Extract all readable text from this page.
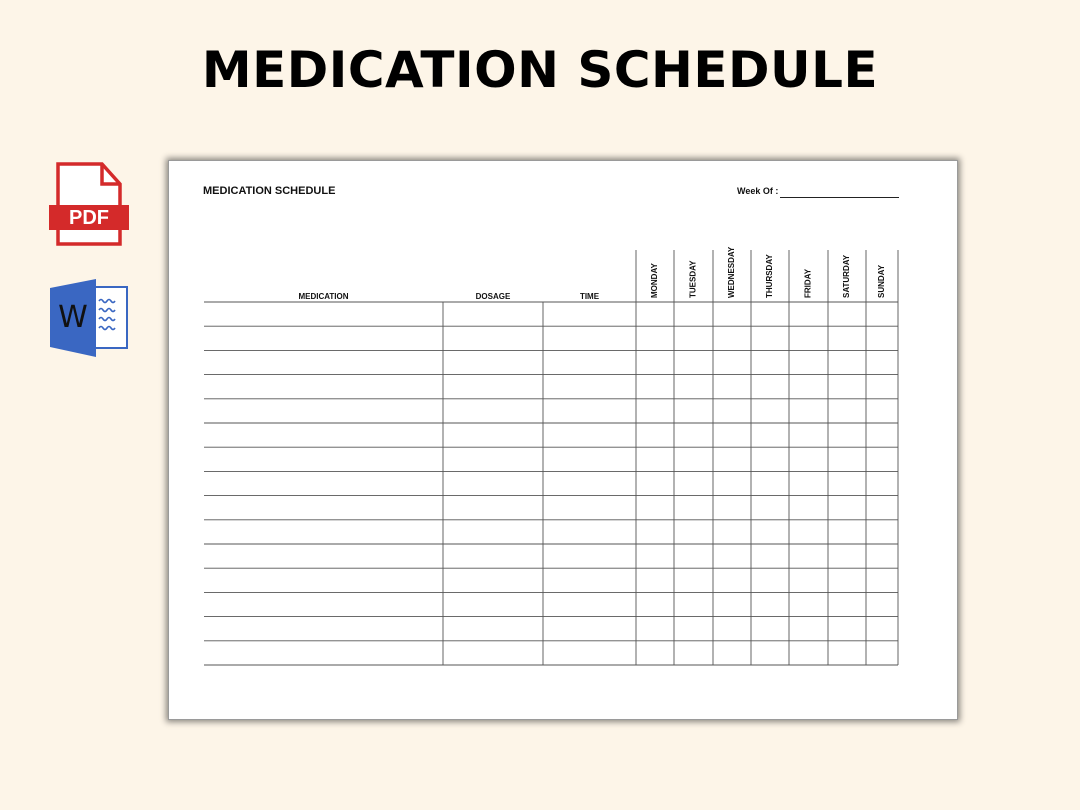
MEDICATION SCHEDULE
PDF
W
MEDICATION SCHEDULE	Week Of :
MEDICATION	DOSAGE	TIME	MONDAY	TUESDAY	WEDNESDAY	THURSDAY	FRIDAY	SATURDAY	SUNDAY
